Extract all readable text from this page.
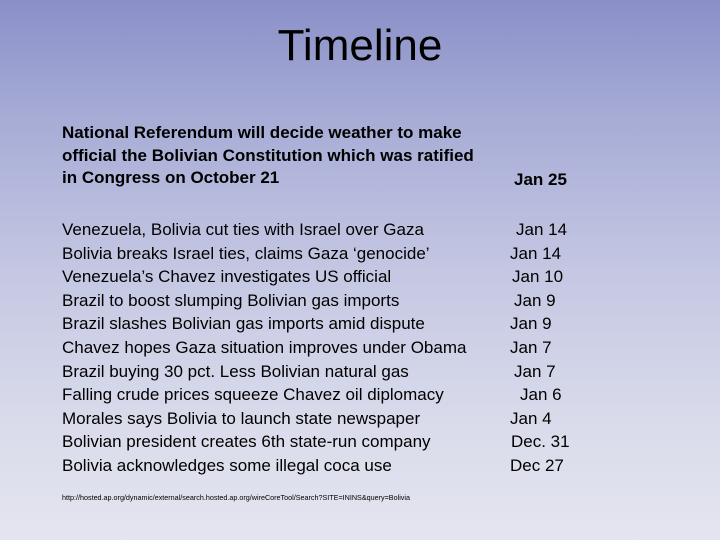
Timeline
National Referendum will decide weather to make
official the Bolivian Constitution which was ratified
in Congress on October 21	Jan 25
Venezuela, Bolivia cut ties with Israel over Gaza
Bolivia breaks Israel ties, claims Gaza ‘genocide’
Venezuela’s Chavez investigates US official
Brazil to boost slumping Bolivian gas imports
Brazil slashes Bolivian gas imports amid dispute
Chavez hopes Gaza situation improves under Obama
Brazil buying 30 pct. Less Bolivian natural gas
Falling crude prices squeeze Chavez oil diplomacy
Morales says Bolivia to launch state newspaper
Bolivian president creates 6th state-run company
Bolivia acknowledges some illegal coca use
Jan 14
Jan 14
Jan 10
Jan 9
Jan 9
Jan 7
Jan 7
Jan 6
Jan 4
Dec. 31
Dec 27
http://hosted.ap.org/dynamic/external/search.hosted.ap.org/wireCoreTool/Search?SITE=ININS&query=Bolivia
